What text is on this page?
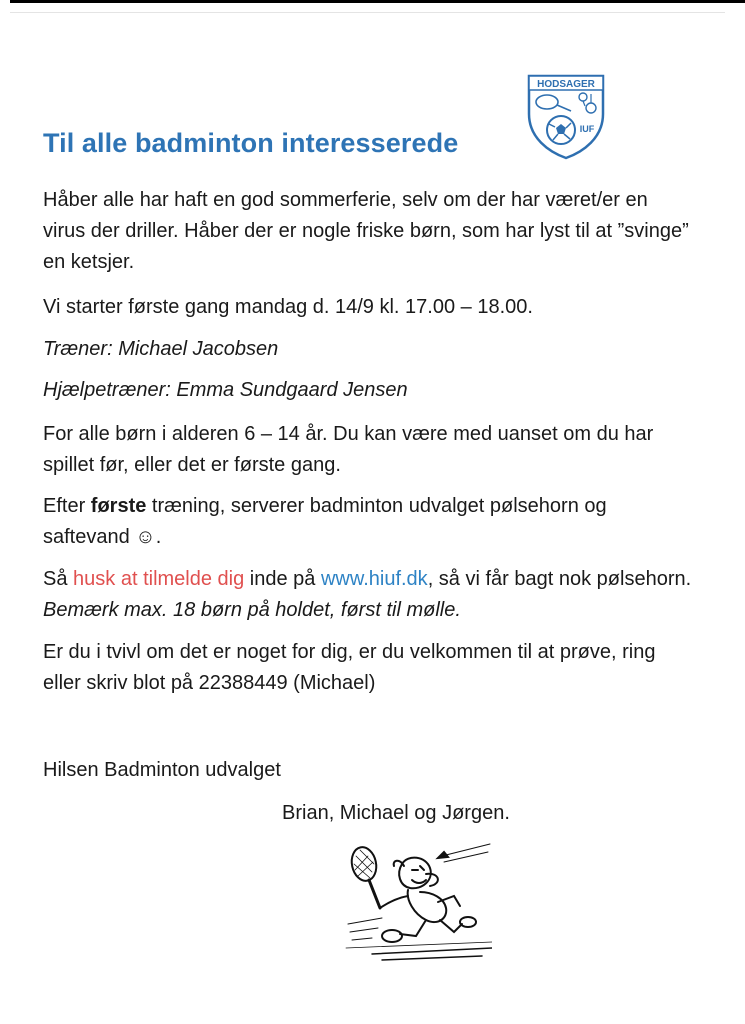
HODSAGER
IUF
Til alle badminton interesserede

Håber alle har haft en god sommerferie, selv om der har været/er en virus der driller. Håber der er nogle friske børn, som har lyst til at ”svinge” en ketsjer.

Vi starter første gang mandag d. 14/9 kl. 17.00 – 18.00.

Træner: Michael Jacobsen

Hjælpetræner: Emma Sundgaard Jensen

For alle børn i alderen 6 – 14 år. Du kan være med uanset om du har spillet før, eller det er første gang.

Efter første træning, serverer badminton udvalget pølsehorn og saftevand ☺.

Så husk at tilmelde dig inde på www.hiuf.dk, så vi får bagt nok pølsehorn. Bemærk max. 18 børn på holdet, først til mølle.

Er du i tvivl om det er noget for dig, er du velkommen til at prøve, ring eller skriv blot på 22388449 (Michael)

Hilsen Badminton udvalget

Brian, Michael og Jørgen.
